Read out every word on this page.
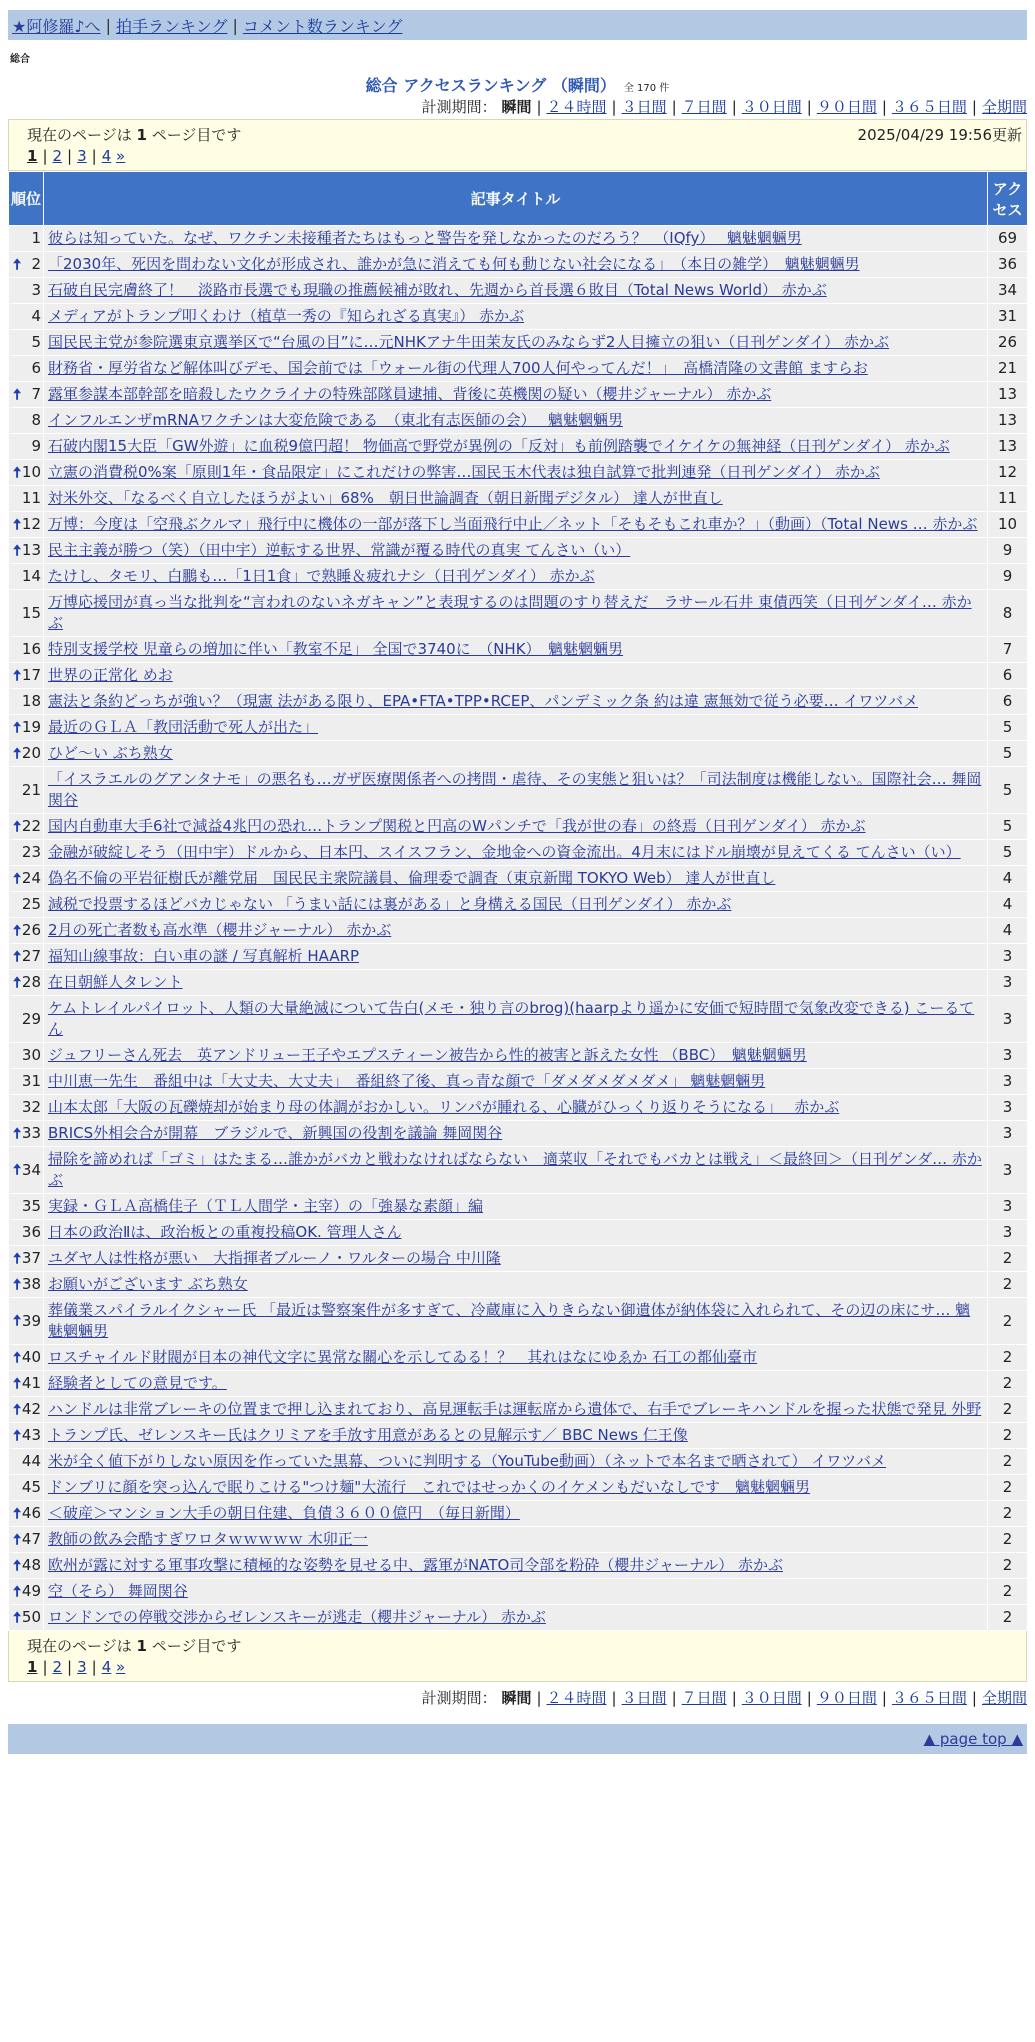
★阿修羅♪へ | 拍手ランキング | コメント数ランキング
総合
総合 アクセスランキング （瞬間） 全 170 件
計測期間： 瞬間 | ２４時間 | ３日間 | ７日間 | ３０日間 | ９０日間 | ３６５日間 | 全期間
現在のページは 1 ページ目です	2025/04/29 19:56更新
1 | 2 | 3 | 4 »
順位	記事タイトル	アクセス
1	彼らは知っていた。なぜ、ワクチン未接種者たちはもっと警告を発しなかったのだろう？　（IQfy）　 魑魅魍魎男	69

🠅 2	「2030年、死因を問わない文化が形成され、誰かが急に消えても何も動じない社会になる」　（本日の雑学）　魑魅魍魎男	36
3	石破自民完膚終了！　淡路市長選でも現職の推薦候補が敗れ、先週から首長選６敗目（Total News World） 赤かぶ	34
4	メディアがトランプ叩くわけ（植草一秀の『知られざる真実』） 赤かぶ	31
5	国民民主党が参院選東京選挙区で“台風の目”に…元NHKアナ牛田茉友氏のみならず2人目擁立の狙い（日刊ゲンダイ） 赤かぶ	26
6	財務省・厚労省など解体叫びデモ、国会前では「ウォール街の代理人700人何やってんだ！」　高橋清隆の文書館 ますらお	21

🠅 7	露軍参謀本部幹部を暗殺したウクライナの特殊部隊員逮捕、背後に英機関の疑い（櫻井ジャーナル） 赤かぶ	13
8	インフルエンザmRNAワクチンは大変危険である　（東北有志医師の会）　 魑魅魍魎男	13
9	石破内閣15大臣「GW外遊」に血税9億円超！ 物価高で野党が異例の「反対」も前例踏襲でイケイケの無神経（日刊ゲンダイ） 赤かぶ	13

🠅 10	立憲の消費税0%案「原則1年・食品限定」にこれだけの弊害…国民玉木代表は独自試算で批判連発（日刊ゲンダイ） 赤かぶ	12
11	対米外交、「なるべく自立したほうがよい」68%　朝日世論調査（朝日新聞デジタル） 達人が世直し	11

🠅 12	万博：今度は「空飛ぶクルマ」飛行中に機体の一部が落下し当面飛行中止／ネット「そもそもこれ車か？」（動画）（Total News … 赤かぶ	10

🠅 13	民主主義が勝つ（笑）（田中宇）逆転する世界、常識が覆る時代の真実 てんさい（い）	9
14	たけし、タモリ、白鵬も…「1日1食」で熟睡＆疲れナシ（日刊ゲンダイ） 赤かぶ	9
15	万博応援団が真っ当な批判を“言われのないネガキャン”と表現するのは問題のすり替えだ　ラサール石井 東債西笑（日刊ゲンダイ… 赤かぶ	8
16	特別支援学校 児童らの増加に伴い「教室不足」 全国で3740に　（NHK）　魑魅魍魎男	7

🠅 17	世界の正常化 めお	6
18	憲法と条約どっちが強い？（現憲 法がある限り、EPA•FTA•TPP•RCEP、パンデミック条 約は違 憲無効で従う必要… イワツバメ	6

🠅 19	最近のＧＬＡ「教団活動で死人が出た」	5

🠅 20	ひど〜い ぶち熟女	5
21	「イスラエルのグアンタナモ」の悪名も…ガザ医療関係者への拷問・虐待、その実態と狙いは？「司法制度は機能しない。国際社会… 舞岡関谷	5

🠅 22	国内自動車大手6社で減益4兆円の恐れ…トランプ関税と円高のWパンチで「我が世の春」の終焉（日刊ゲンダイ） 赤かぶ	5
23	金融が破綻しそう（田中宇）ドルから、日本円、スイスフラン、金地金への資金流出。4月末にはドル崩壊が見えてくる てんさい（い）	5

🠅 24	偽名不倫の平岩征樹氏が離党届　国民民主衆院議員、倫理委で調査（東京新聞 TOKYO Web） 達人が世直し	4
25	減税で投票するほどバカじゃない 「うまい話には裏がある」と身構える国民（日刊ゲンダイ） 赤かぶ	4

🠅 26	2月の死亡者数も高水準（櫻井ジャーナル） 赤かぶ	4

🠅 27	福知山線事故：白い車の謎 / 写真解析 HAARP	3

🠅 28	在日朝鮮人タレント	3
29	ケムトレイルパイロット、人類の大量絶滅について告白(メモ・独り言のbrog)(haarpより遥かに安価で短時間で気象改変できる) こーるてん	3
30	ジュフリーさん死去　英アンドリュー王子やエプスティーン被告から性的被害と訴えた女性 （BBC）　魑魅魍魎男	3
31	中川恵一先生　番組中は「大丈夫、大丈夫」　番組終了後、真っ青な顔で「ダメダメダメダメ」 魑魅魍魎男	3
32	山本太郎「大阪の瓦礫焼却が始まり母の体調がおかしい。リンパが腫れる、心臓がひっくり返りそうになる」　 赤かぶ	3

🠅 33	BRICS外相会合が開幕　ブラジルで、新興国の役割を議論 舞岡関谷	3

🠅 34	掃除を諦めれば「ゴミ」はたまる…誰かがバカと戦わなければならない　適菜収「それでもバカとは戦え」＜最終回＞（日刊ゲンダ… 赤かぶ	3
35	実録・ＧＬＡ高橋佳子（ＴＬ人間学・主宰）の「強暴な素顔」編	3
36	日本の政治Ⅱは、政治板との重複投稿OK. 管理人さん	3

🠅 37	ユダヤ人は性格が悪い＿大指揮者ブルーノ・ワルターの場合 中川隆	2

🠅 38	お願いがございます ぶち熟女	2

🠅 39	葬儀業スパイラルイクシャー氏 「最近は警察案件が多すぎて、冷蔵庫に入りきらない御遺体が納体袋に入れられて、その辺の床にサ… 魑魅魍魎男	2

🠅 40	ロスチャイルド財閥が日本の神代文字に異常な關心を示してゐる！？　其れはなにゆゑか 石工の都仙臺市	2

🠅 41	経験者としての意見です。	2

🠅 42	ハンドルは非常ブレーキの位置まで押し込まれており、高見運転手は運転席から遺体で、右手でブレーキハンドルを握った状態で発見 外野	2

🠅 43	トランプ氏、ゼレンスキー氏はクリミアを手放す用意があるとの見解示す／ BBC News 仁王像	2
44	米が全く値下がりしない原因を作っていた黒幕、ついに判明する（YouTube動画）（ネットで本名まで晒されて） イワツバメ	2
45	ドンブリに顔を突っ込んで眠りこける"つけ麺"大流行　これではせっかくのイケメンもだいなしです　魑魅魍魎男	2

🠅 46	＜破産＞マンション大手の朝日住建、負債３６００億円　（毎日新聞）	2

🠅 47	教師の飲み会酷すぎワロタｗｗｗｗｗ 木卯正一	2

🠅 48	欧州が露に対する軍事攻撃に積極的な姿勢を見せる中、露軍がNATO司令部を粉砕（櫻井ジャーナル） 赤かぶ	2

🠅 49	空（そら） 舞岡関谷	2

🠅 50	ロンドンでの停戦交渉からゼレンスキーが逃走（櫻井ジャーナル） 赤かぶ	2
現在のページは 1 ページ目です
1 | 2 | 3 | 4 »
計測期間： 瞬間 | ２４時間 | ３日間 | ７日間 | ３０日間 | ９０日間 | ３６５日間 | 全期間
▲ page top ▲
